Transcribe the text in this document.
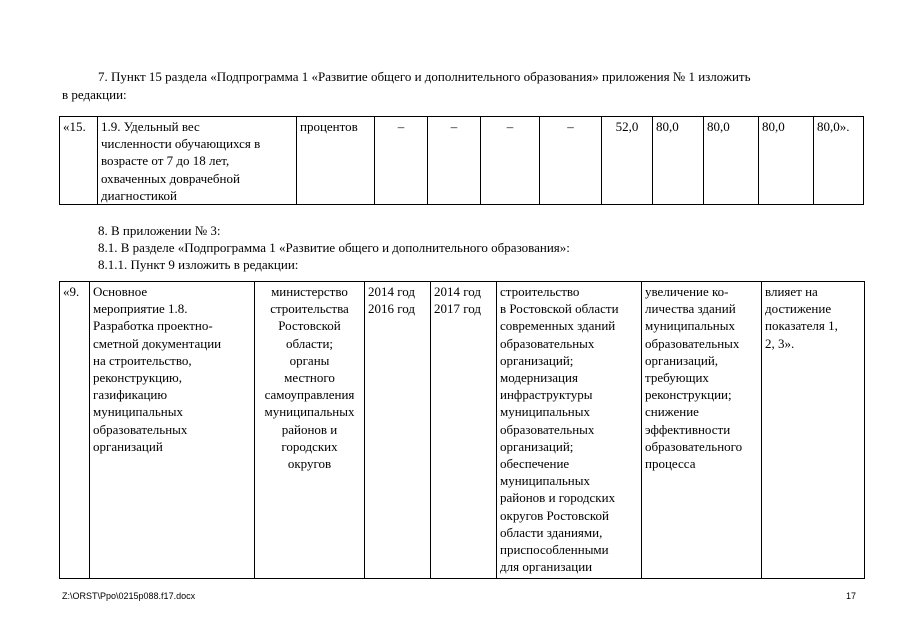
7. Пункт 15 раздела «Подпрограмма 1 «Развитие общего и дополнительного образования» приложения № 1 изложить
в редакции:
«15.	1.9. Удельный вес
численности обучающихся в
возрасте от 7 до 18 лет,
охваченных доврачебной
диагностикой	процентов	–	–	–	–	52,0	80,0	80,0	80,0	80,0».
8. В приложении № 3:
8.1. В разделе «Подпрограмма 1 «Развитие общего и дополнительного образования»:
8.1.1. Пункт 9 изложить в редакции:
«9.	Основное
мероприятие 1.8.
Разработка проектно-
сметной документации
на строительство,
реконструкцию,
газификацию
муниципальных
образовательных
организаций	министерство
строительства
Ростовской
области;
органы
местного
самоуправления
муниципальных
районов и
городских
округов	2014 год
2016 год	2014 год
2017 год	строительство
в Ростовской области
современных зданий
образовательных
организаций;
модернизация
инфраструктуры
муниципальных
образовательных
организаций;
обеспечение
муниципальных
районов и городских
округов Ростовской
области зданиями,
приспособленными
для организации	увеличение ко-
личества зданий
муниципальных
образовательных
организаций,
требующих
реконструкции;
снижение
эффективности
образовательного
процесса	влияет на
достижение
показателя 1,
2, 3».
Z:\ORST\Ppo\0215p088.f17.docx	17
